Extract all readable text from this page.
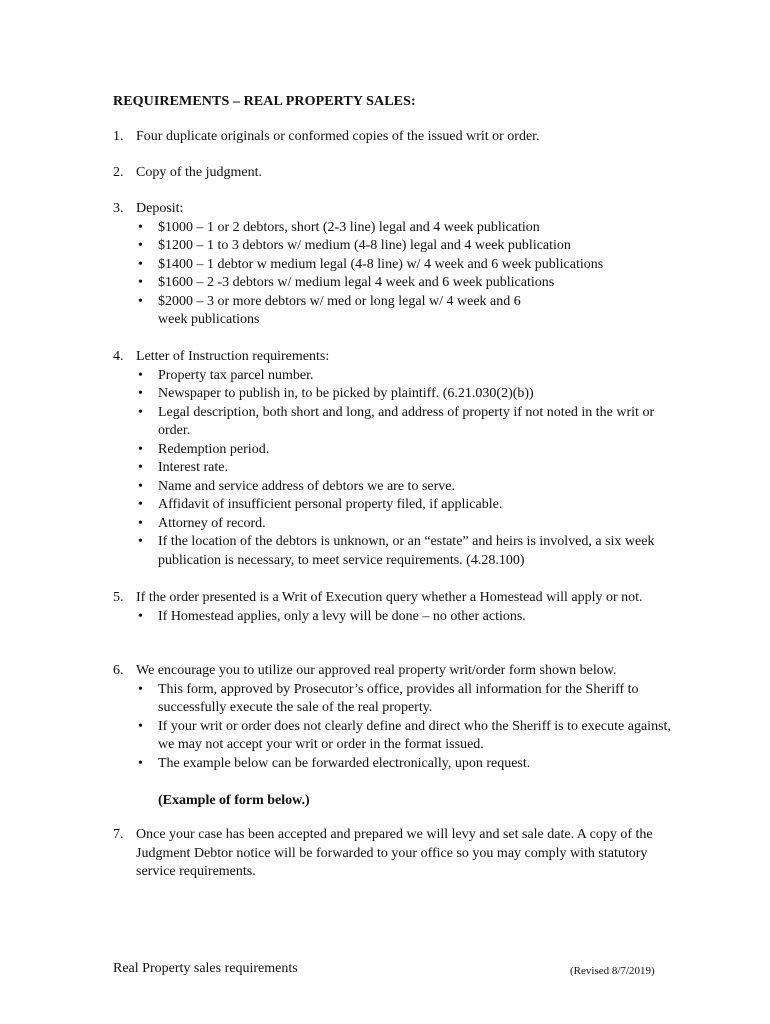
REQUIREMENTS – REAL PROPERTY SALES:
1. Four duplicate originals or conformed copies of the issued writ or order.
2. Copy of the judgment.
3. Deposit:
• $1000 – 1 or 2 debtors, short (2-3 line) legal and 4 week publication
• $1200 – 1 to 3 debtors w/ medium (4-8 line) legal and 4 week publication
• $1400 – 1 debtor w medium legal (4-8 line) w/ 4 week and 6 week publications
• $1600 – 2 -3 debtors w/ medium legal 4 week and 6 week publications
• $2000 – 3 or more debtors w/ med or long legal w/ 4 week and 6 week publications
4. Letter of Instruction requirements:
• Property tax parcel number.
• Newspaper to publish in, to be picked by plaintiff. (6.21.030(2)(b))
• Legal description, both short and long, and address of property if not noted in the writ or order.
• Redemption period.
• Interest rate.
• Name and service address of debtors we are to serve.
• Affidavit of insufficient personal property filed, if applicable.
• Attorney of record.
• If the location of the debtors is unknown, or an “estate” and heirs is involved, a six week publication is necessary, to meet service requirements. (4.28.100)
5. If the order presented is a Writ of Execution query whether a Homestead will apply or not.
• If Homestead applies, only a levy will be done – no other actions.
6. We encourage you to utilize our approved real property writ/order form shown below.
• This form, approved by Prosecutor’s office, provides all information for the Sheriff to successfully execute the sale of the real property.
• If your writ or order does not clearly define and direct who the Sheriff is to execute against, we may not accept your writ or order in the format issued.
• The example below can be forwarded electronically, upon request.
(Example of form below.)
7. Once your case has been accepted and prepared we will levy and set sale date. A copy of the Judgment Debtor notice will be forwarded to your office so you may comply with statutory service requirements.
Real Property sales requirements	(Revised 8/7/2019)
